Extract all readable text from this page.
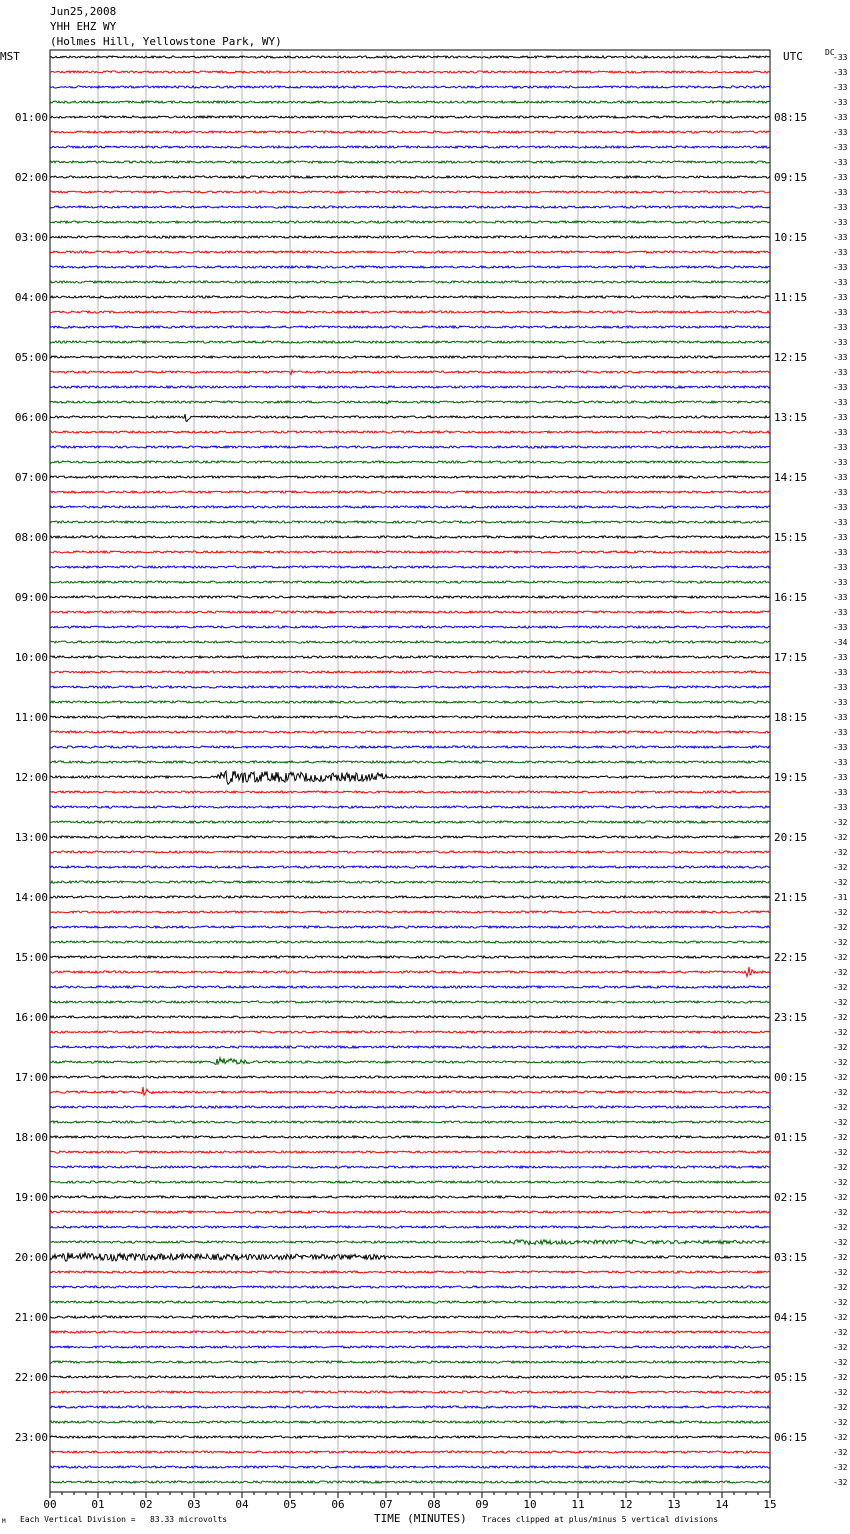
Jun25,2008
YHH EHZ WY
(Holmes Hill, Yellowstone Park, WY)
MST	UTC	DC
00	01	02	03	04	05	06	07	08	09	10	11	12	13	14	15
-33
-33
-33
-33
-33
-33
-33
-33
-33
-33
-33
-33
-33
-33
-33
-33
-33
-33
-33
-33
-33
-33
-33
-33
-33
-33
-33
-33
-33
-33
-33
-33
-33
-33
-33
-33
-33
-33
-33
-34
-33
-33
-33
-33
-33
-33
-33
-33
-33
-33
-33
-32
-32
-32
-32
-32
-31
-32
-32
-32
-32
-32
-32
-32
-32
-32
-32
-32
-32
-32
-32
-32
-32
-32
-32
-32
-32
-32
-32
-32
-32
-32
-32
-32
-32
-32
-32
-32
-32
-32
-32
-32
-32
-32
-32
-32
01:00	08:15
02:00	09:15
03:00	10:15
04:00	11:15
05:00	12:15
06:00	13:15
07:00	14:15
08:00	15:15
09:00	16:15
10:00	17:15
11:00	18:15
12:00	19:15
13:00	20:15
14:00	21:15
15:00	22:15
16:00	23:15
17:00	00:15
18:00	01:15
19:00	02:15
20:00	03:15
21:00	04:15
22:00	05:15
23:00	06:15
M Each Vertical Division =   83.33 microvolts	TIME (MINUTES) Traces clipped at plus/minus 5 vertical divisions
